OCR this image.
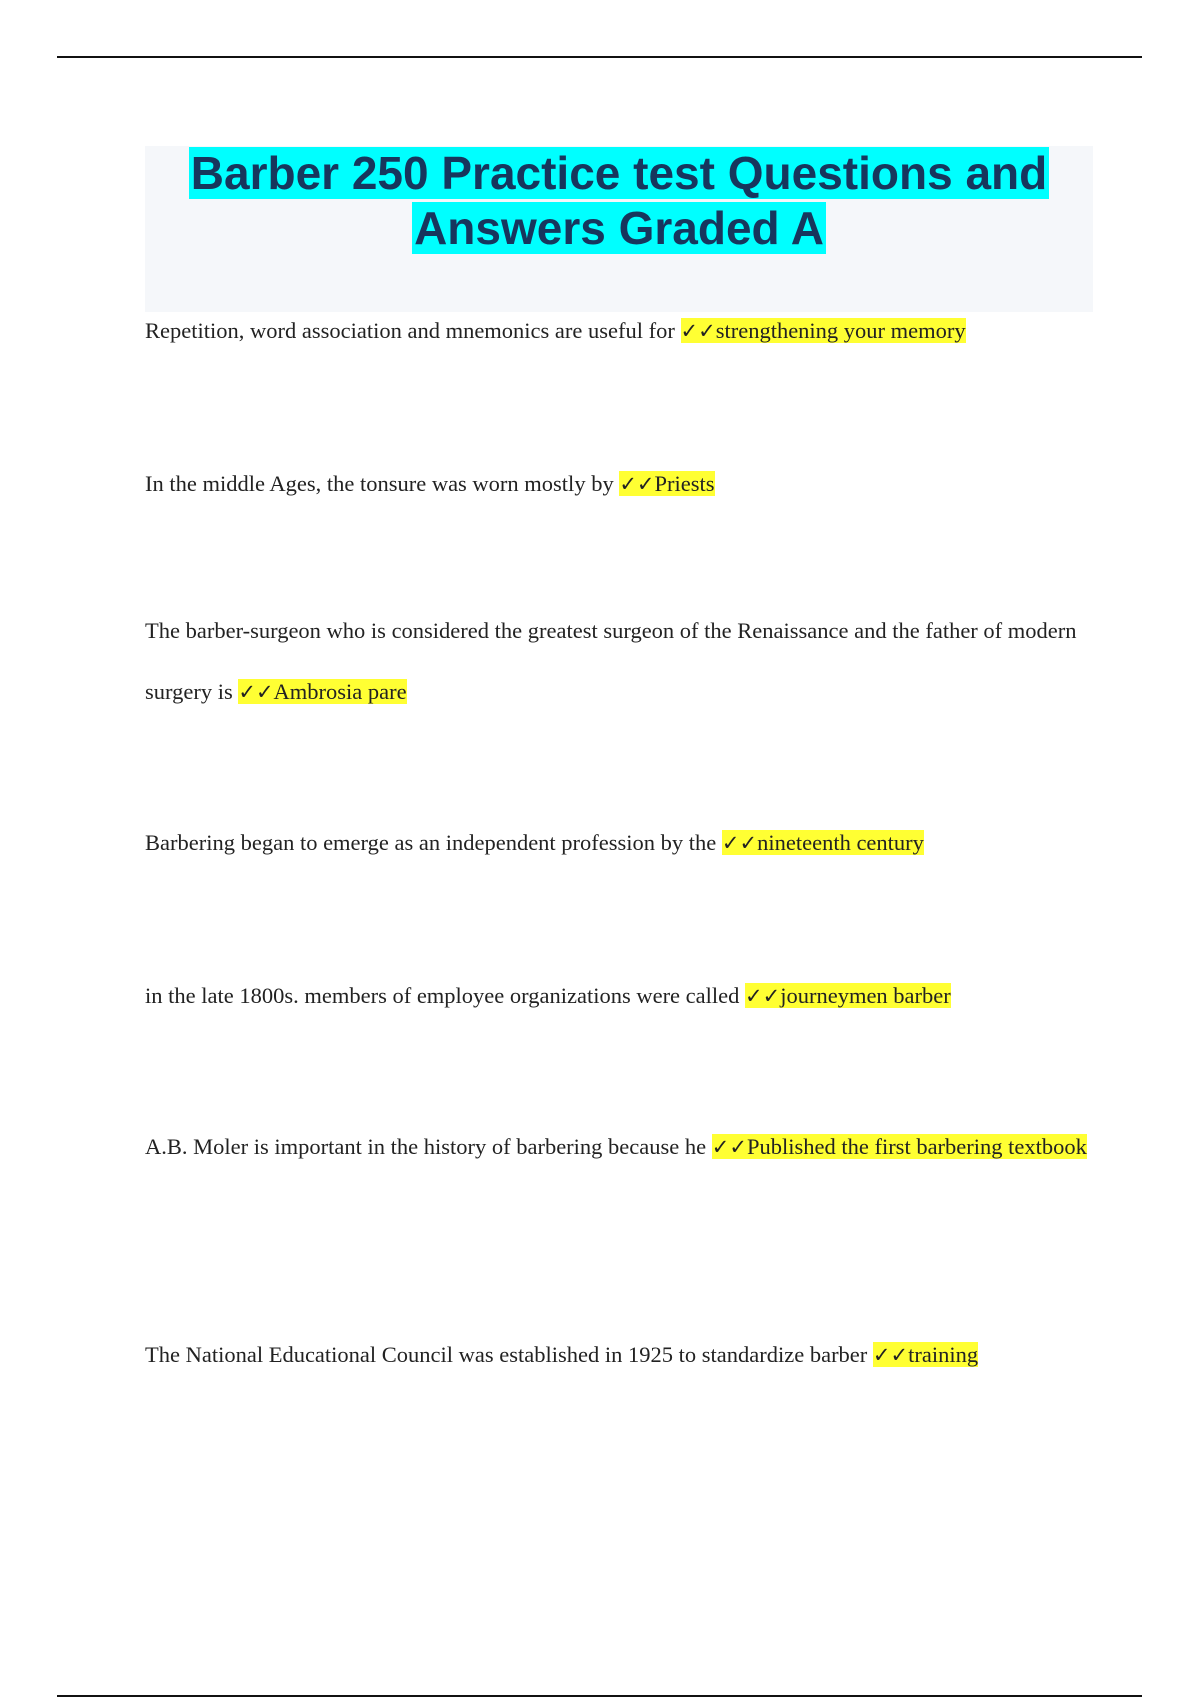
Barber 250 Practice test Questions and
Answers Graded A
Repetition, word association and mnemonics are useful for ✓✓strengthening your memory
In the middle Ages, the tonsure was worn mostly by ✓✓Priests
The barber-surgeon who is considered the greatest surgeon of the Renaissance and the father of modern surgery is ✓✓Ambrosia pare
Barbering began to emerge as an independent profession by the ✓✓nineteenth century
in the late 1800s. members of employee organizations were called ✓✓journeymen barber
A.B. Moler is important in the history of barbering because he ✓✓Published the first barbering textbook
The National Educational Council was established in 1925 to standardize barber ✓✓training
